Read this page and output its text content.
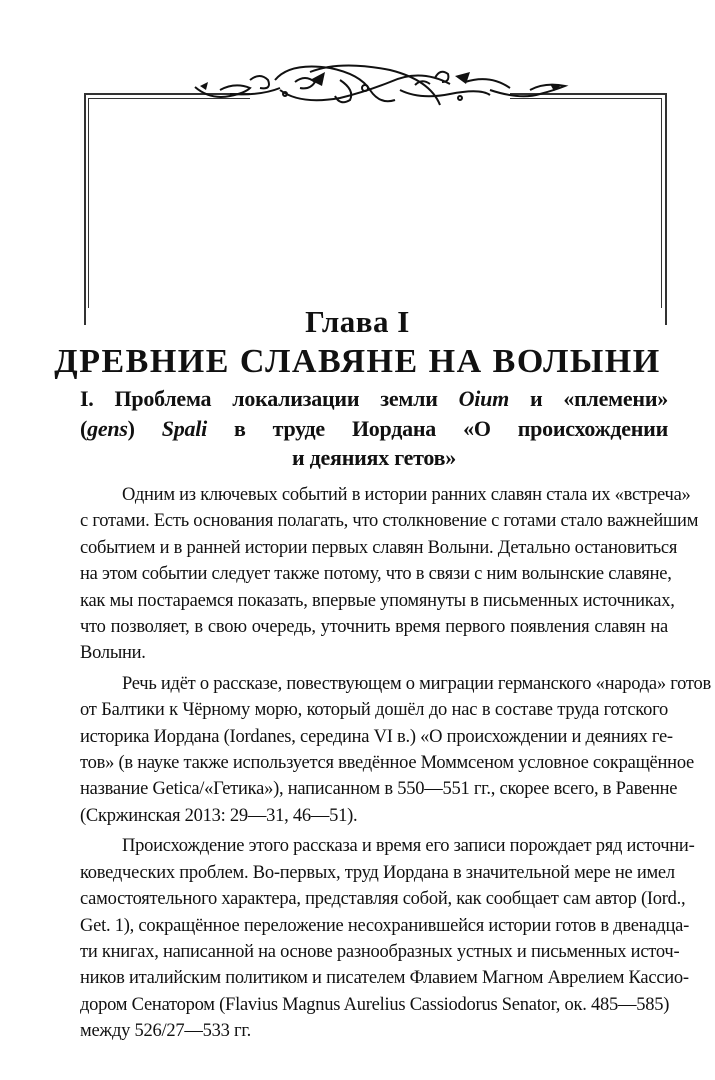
Глава I
ДРЕВНИЕ СЛАВЯНЕ НА ВОЛЫНИ
I. Проблема локализации земли Oium и «племени»
(gens) Spali в труде Иордана «О происхождении
и деяниях гетов»
Одним из ключевых событий в истории ранних славян стала их «встреча»
с готами. Есть основания полагать, что столкновение с готами стало важнейшим
событием и в ранней истории первых славян Волыни. Детально остановиться
на этом событии следует также потому, что в связи с ним волынские славяне,
как мы постараемся показать, впервые упомянуты в письменных источниках,
что позволяет, в свою очередь, уточнить время первого появления славян на
Волыни.
Речь идёт о рассказе, повествующем о миграции германского «народа» готов
от Балтики к Чёрному морю, который дошёл до нас в составе труда готского
историка Иордана (Iordanes, середина VI в.) «О происхождении и деяниях ге-
тов» (в науке также используется введённое Моммсеном условное сокращённое
название Getica/«Гетика»), написанном в 550—551 гг., скорее всего, в Равенне
(Скржинская 2013: 29—31, 46—51).
Происхождение этого рассказа и время его записи порождает ряд источни-
коведческих проблем. Во-первых, труд Иордана в значительной мере не имел
самостоятельного характера, представляя собой, как сообщает сам автор (Iord.,
Get. 1), сокращённое переложение несохранившейся истории готов в двенадца-
ти книгах, написанной на основе разнообразных устных и письменных источ-
ников италийским политиком и писателем Флавием Магном Аврелием Кассио-
дором Сенатором (Flavius Magnus Aurelius Cassiodorus Senator, ок. 485—585)
между 526/27—533 гг.
